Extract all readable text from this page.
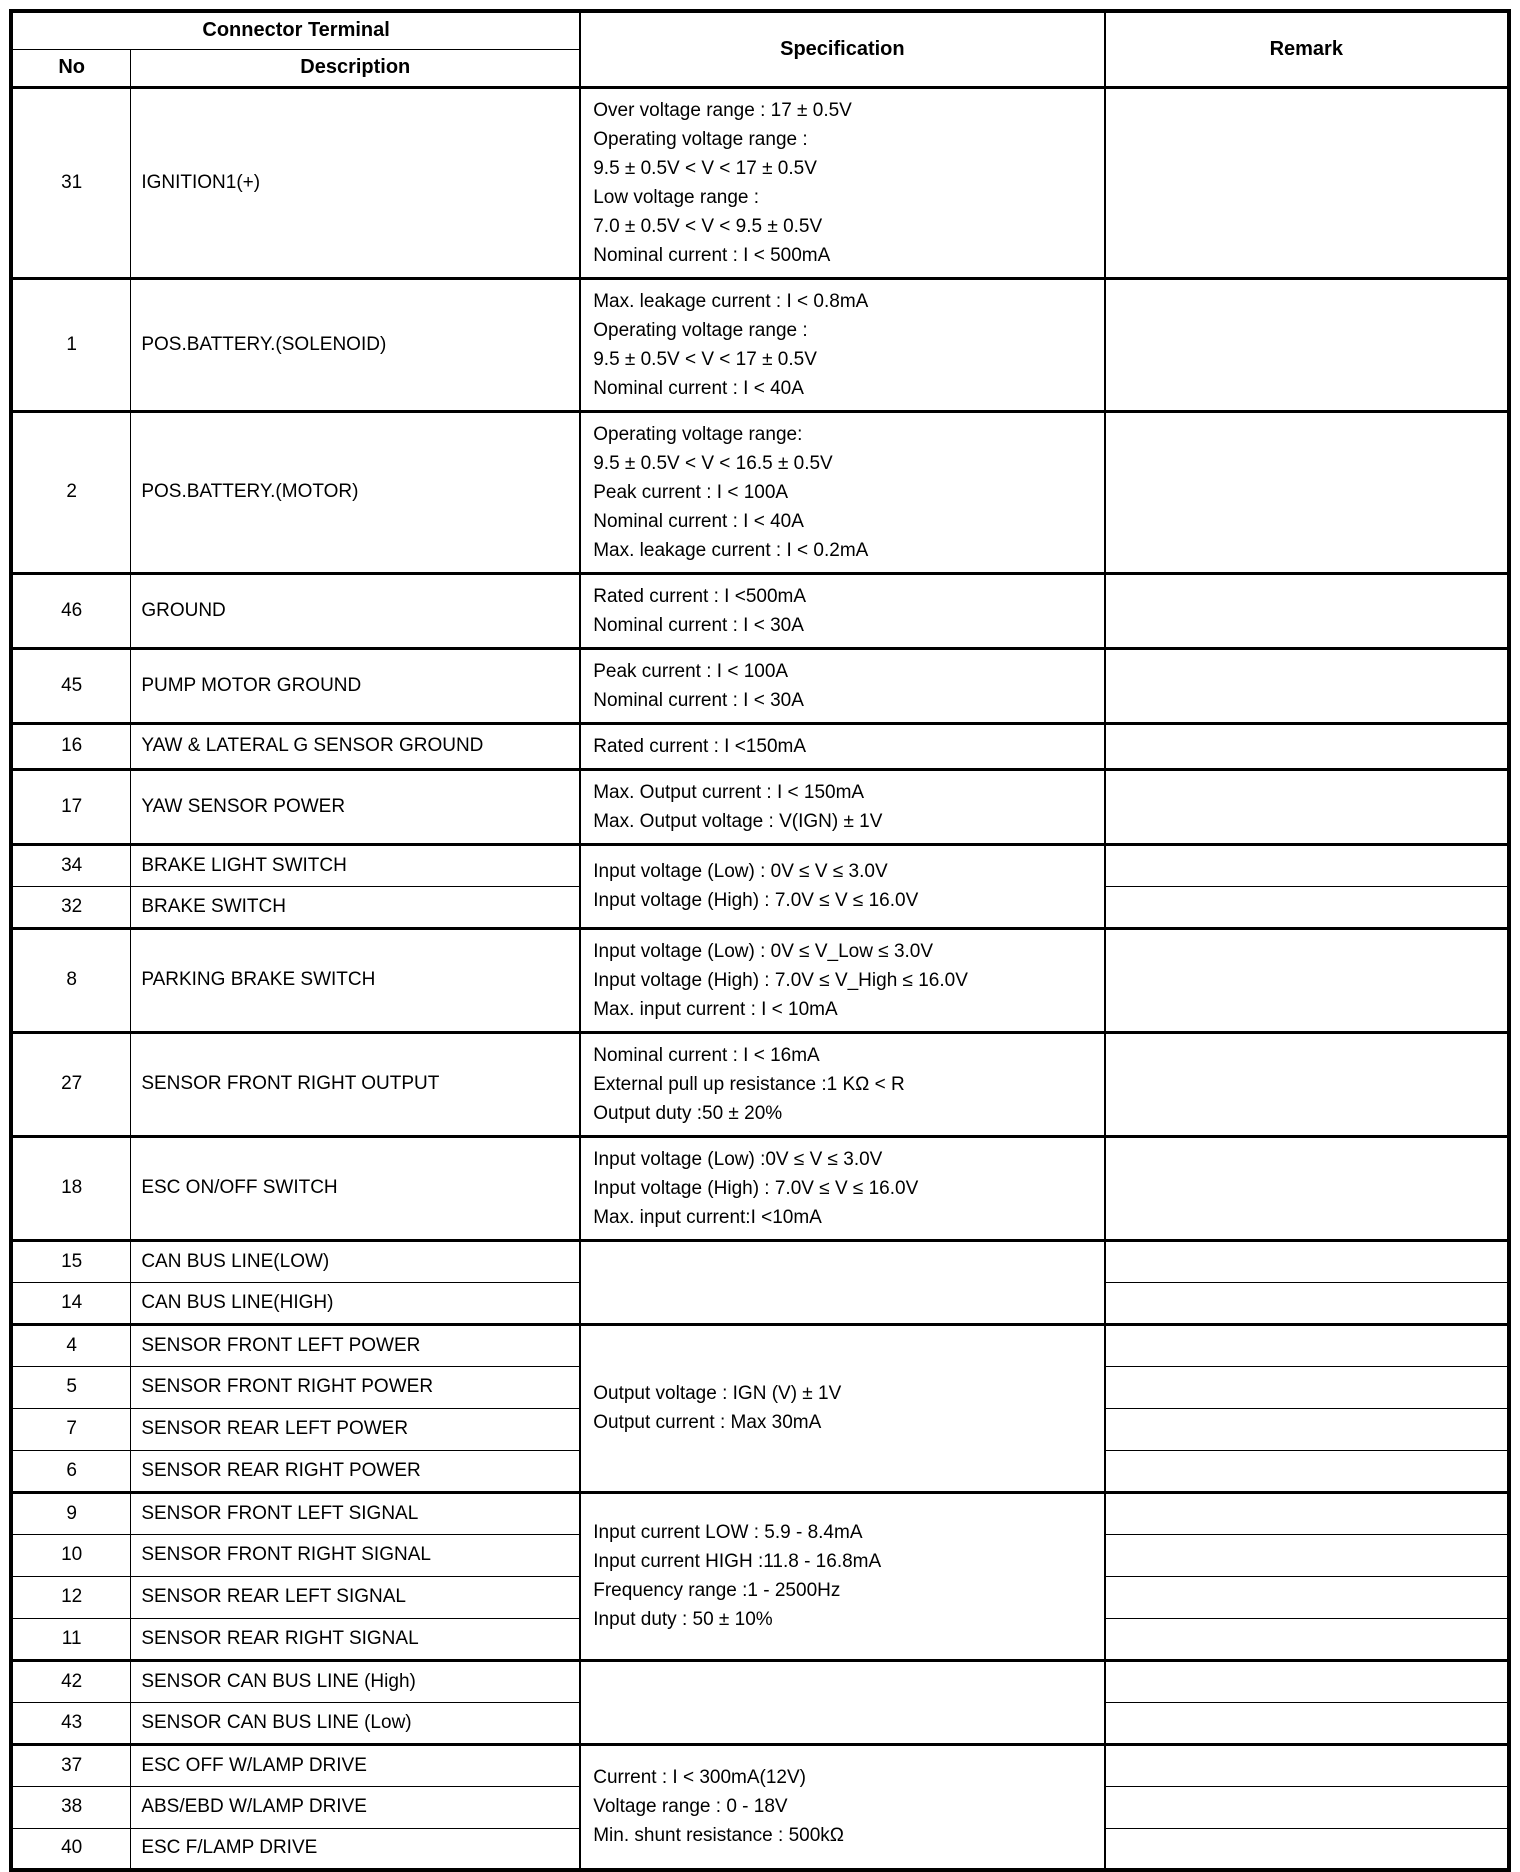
Connector Terminal		Specification	Remark
No	Description		
31	IGNITION1(+)	Over voltage range : 17 ± 0.5V
Operating voltage range :
9.5 ± 0.5V < V < 17 ± 0.5V
Low voltage range :
7.0 ± 0.5V < V < 9.5 ± 0.5V
Nominal current : I < 500mA	
1	POS.BATTERY.(SOLENOID)	Max. leakage current : I < 0.8mA
Operating voltage range :
9.5 ± 0.5V < V < 17 ± 0.5V
Nominal current : I < 40A	
2	POS.BATTERY.(MOTOR)	Operating voltage range:
9.5 ± 0.5V < V < 16.5 ± 0.5V
Peak current : I < 100A
Nominal current : I < 40A
Max. leakage current : I < 0.2mA	
46	GROUND	Rated current : I <500mA
Nominal current : I < 30A	
45	PUMP MOTOR GROUND	Peak current : I < 100A
Nominal current : I < 30A	
16	YAW & LATERAL G SENSOR GROUND	Rated current : I <150mA	
17	YAW SENSOR POWER	Max. Output current : I < 150mA
Max. Output voltage : V(IGN) ± 1V	
34	BRAKE LIGHT SWITCH	Input voltage (Low) : 0V ≤ V ≤ 3.0V
Input voltage (High) : 7.0V ≤ V ≤ 16.0V	
32	BRAKE SWITCH		
8	PARKING BRAKE SWITCH	Input voltage (Low) : 0V ≤ V_Low ≤ 3.0V
Input voltage (High) : 7.0V ≤ V_High ≤ 16.0V
Max. input current : I < 10mA	
27	SENSOR FRONT RIGHT OUTPUT	Nominal current : I < 16mA
External pull up resistance :1 KΩ < R
Output duty :50 ± 20%	
18	ESC ON/OFF SWITCH	Input voltage (Low) :0V ≤ V ≤ 3.0V
Input voltage (High) : 7.0V ≤ V ≤ 16.0V
Max. input current:I <10mA	
15	CAN BUS LINE(LOW)		
14	CAN BUS LINE(HIGH)		
4	SENSOR FRONT LEFT POWER	Output voltage : IGN (V) ± 1V
Output current : Max 30mA	
5	SENSOR FRONT RIGHT POWER		
7	SENSOR REAR LEFT POWER		
6	SENSOR REAR RIGHT POWER		
9	SENSOR FRONT LEFT SIGNAL	Input current LOW : 5.9 - 8.4mA
Input current HIGH :11.8 - 16.8mA
Frequency range :1 - 2500Hz
Input duty : 50 ± 10%	
10	SENSOR FRONT RIGHT SIGNAL		
12	SENSOR REAR LEFT SIGNAL		
11	SENSOR REAR RIGHT SIGNAL		
42	SENSOR CAN BUS LINE (High)		
43	SENSOR CAN BUS LINE (Low)		
37	ESC OFF W/LAMP DRIVE	Current : I < 300mA(12V)
Voltage range : 0 - 18V
Min. shunt resistance : 500kΩ	
38	ABS/EBD W/LAMP DRIVE		
40	ESC F/LAMP DRIVE		
